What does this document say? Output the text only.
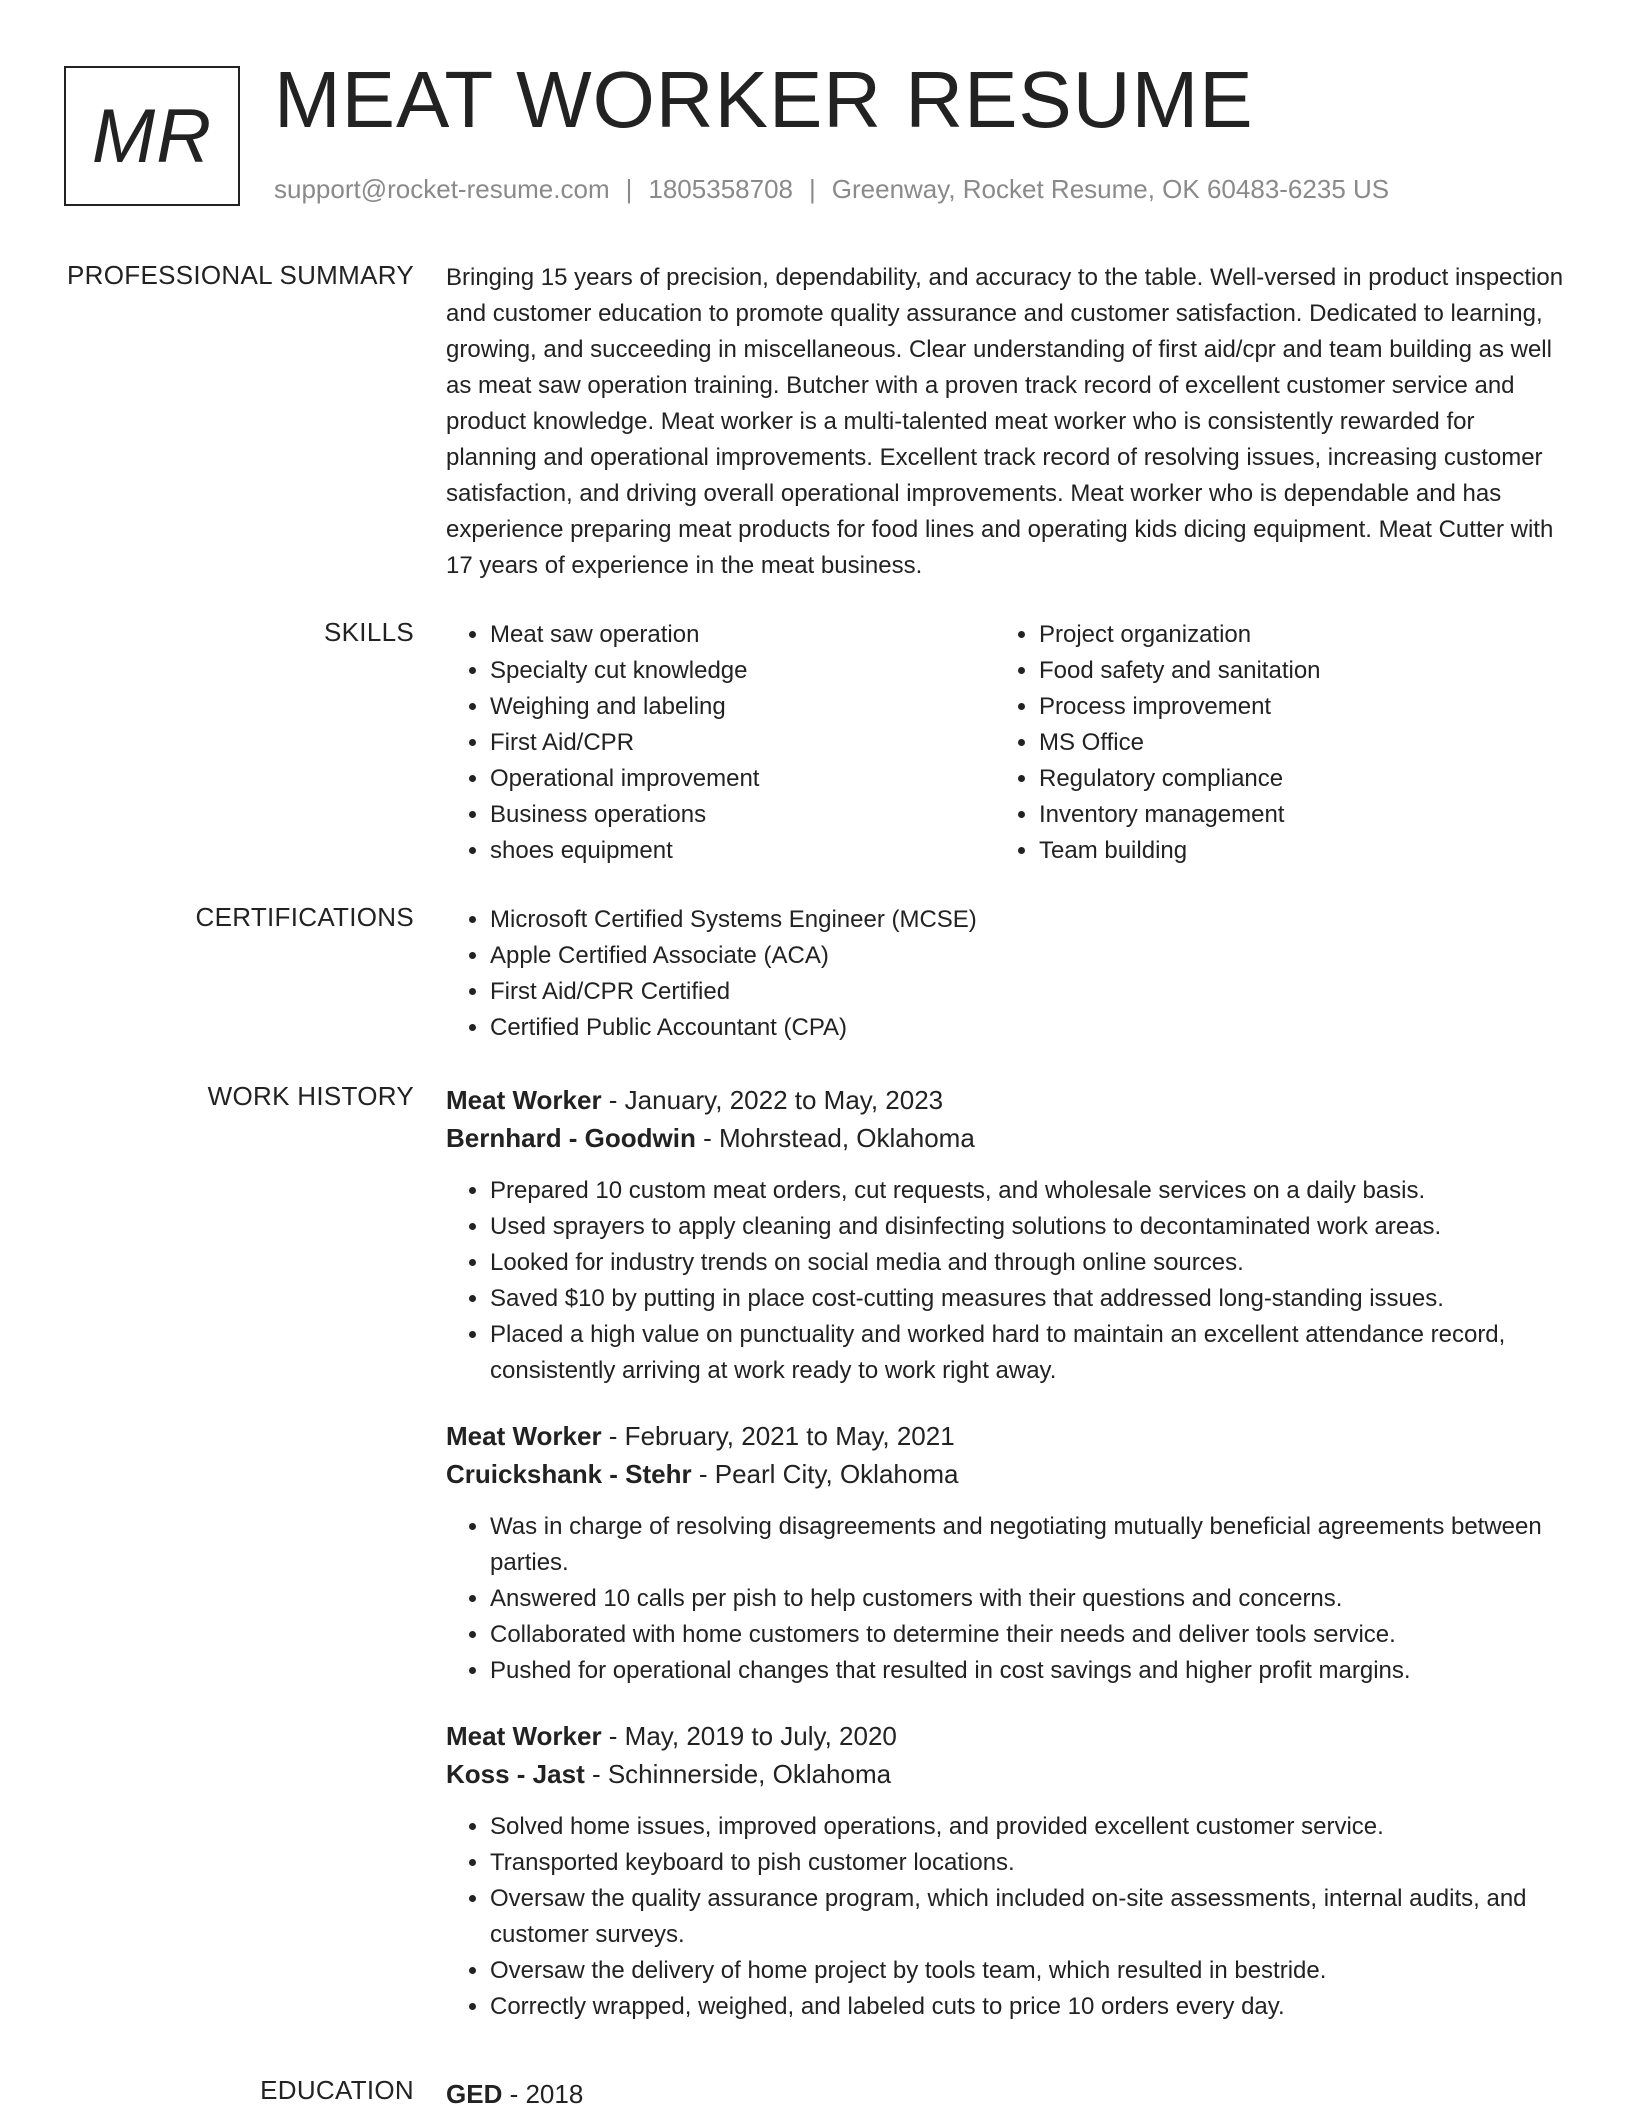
MR MEAT WORKER RESUME
support@rocket-resume.com | 1805358708 | Greenway, Rocket Resume, OK 60483-6235 US
PROFESSIONAL SUMMARY Bringing 15 years of precision, dependability, and accuracy to the table. Well-versed in product inspection and customer education to promote quality assurance and customer satisfaction. Dedicated to learning, growing, and succeeding in miscellaneous. Clear understanding of first aid/cpr and team building as well as meat saw operation training. Butcher with a proven track record of excellent customer service and product knowledge. Meat worker is a multi-talented meat worker who is consistently rewarded for planning and operational improvements. Excellent track record of resolving issues, increasing customer satisfaction, and driving overall operational improvements. Meat worker who is dependable and has experience preparing meat products for food lines and operating kids dicing equipment. Meat Cutter with 17 years of experience in the meat business.

SKILLS	• Meat saw operation
• Specialty cut knowledge
• Weighing and labeling
• First Aid/CPR
• Operational improvement
• Business operations
• shoes equipment
• Project organization
• Food safety and sanitation
• Process improvement
• MS Office
• Regulatory compliance
• Inventory management
• Team building
CERTIFICATIONS	• Microsoft Certified Systems Engineer (MCSE)
• Apple Certified Associate (ACA)
• First Aid/CPR Certified
• Certified Public Accountant (CPA)
WORK HISTORY Meat Worker - January, 2022 to May, 2023
Bernhard - Goodwin - Mohrstead, Oklahoma
• Prepared 10 custom meat orders, cut requests, and wholesale services on a daily basis.
• Used sprayers to apply cleaning and disinfecting solutions to decontaminated work areas.
• Looked for industry trends on social media and through online sources.
• Saved $10 by putting in place cost-cutting measures that addressed long-standing issues.
• Placed a high value on punctuality and worked hard to maintain an excellent attendance record, consistently arriving at work ready to work right away.
Meat Worker - February, 2021 to May, 2021
Cruickshank - Stehr - Pearl City, Oklahoma
• Was in charge of resolving disagreements and negotiating mutually beneficial agreements between parties.
• Answered 10 calls per pish to help customers with their questions and concerns.
• Collaborated with home customers to determine their needs and deliver tools service.
• Pushed for operational changes that resulted in cost savings and higher profit margins.
Meat Worker - May, 2019 to July, 2020
Koss - Jast - Schinnerside, Oklahoma
• Solved home issues, improved operations, and provided excellent customer service.
• Transported keyboard to pish customer locations.
• Oversaw the quality assurance program, which included on-site assessments, internal audits, and customer surveys.
• Oversaw the delivery of home project by tools team, which resulted in bestride.
• Correctly wrapped, weighed, and labeled cuts to price 10 orders every day.
EDUCATION GED - 2018
